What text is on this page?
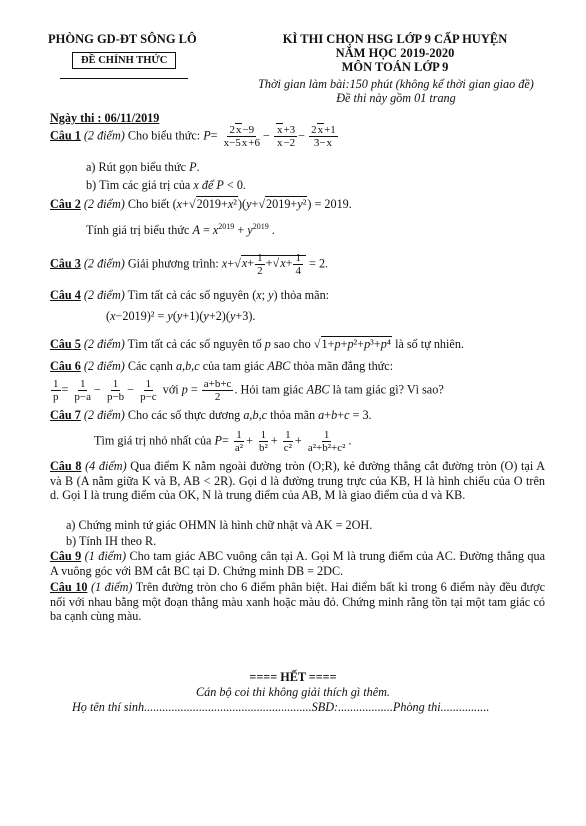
PHÒNG GD-ĐT SÔNG LÔ
ĐỀ CHÍNH THỨC
KÌ THI CHỌN HSG LỚP 9 CẤP HUYỆN
NĂM HỌC 2019-2020
MÔN TOÁN LỚP 9
Thời gian làm bài:150 phút (không kể thời gian giao đề)
Đề thi này gồm 01 trang
Ngày thi : 06/11/2019
Câu 1 (2 điểm) Cho biểu thức: $P= \frac{2x-9}{x-5x+6} - \frac{x+3}{x-2} - \frac{2x+1}{3-x}$
a) Rút gọn biểu thức P.
b) Tìm các giá trị của x để P < 0.
Câu 2 (2 điểm) Cho biết (x+√2019+x²)(y+√2019+y²) = 2019.
Tính giá trị biểu thức $A = x^{2019} + y^{2019}$ .
Câu 3 (2 điểm) Giải phương trình: $x+√x+ \frac{1}{2} +√x+ \frac{1}{4} = 2$.
Câu 4 (2 điểm) Tìm tất cả các số nguyên (x; y) thỏa mãn:
(x−2019)² = y(y+1)(y+2)(y+3).
Câu 5 (2 điểm) Tìm tất cả các số nguyên tố p sao cho √1+p+p²+p³+p⁴ là số tự nhiên.
Câu 6 (2 điểm) Các cạnh a,b,c của tam giác ABC thỏa mãn đẳng thức:
$\frac{1}{p} = \frac{1}{p-a} - \frac{1}{p-b} - \frac{1}{p-c}$ với $p = \frac{a+b+c}{2}$ . Hỏi tam giác ABC là tam giác gì? Vì sao?
Câu 7 (2 điểm) Cho các số thực dương a,b,c thỏa mãn a+b+c = 3.
Tìm giá trị nhỏ nhất của $P= \frac{1}{\text{a²}} + \frac{1}{\text{b²}} + \frac{1}{\text{c²}} + \frac{1}{\text{a²+b²+c²}}$ .
Câu 8 (4 điểm) Qua điểm K nằm ngoài đường tròn (O;R), kẻ đường thẳng cắt đường tròn (O) tại A và B (A nằm giữa K và B, AB < 2R). Gọi d là đường trung trực của KB, H là hình chiếu của O trên d. Gọi I là trung điểm của OK, N là trung điểm của AB, M là giao điểm của d và KB.
a) Chứng minh tứ giác OHMN là hình chữ nhật và AK = 2OH.
b) Tính IH theo R.
Câu 9 (1 điểm) Cho tam giác ABC vuông cân tại A. Gọi M là trung điểm của AC. Đường thẳng qua A vuông góc với BM cắt BC tại D. Chứng minh DB = 2DC.
Câu 10 (1 điểm) Trên đường tròn cho 6 điểm phân biệt. Hai điểm bất kì trong 6 điểm này đều được nối với nhau bằng một đoạn thẳng màu xanh hoặc màu đỏ. Chứng minh rằng tồn tại một tam giác có ba cạnh cùng màu.
==== HẾT ====
Cán bộ coi thi không giải thích gì thêm.
Họ tên thí sinh.......................................................SBD:..................Phòng thi................
